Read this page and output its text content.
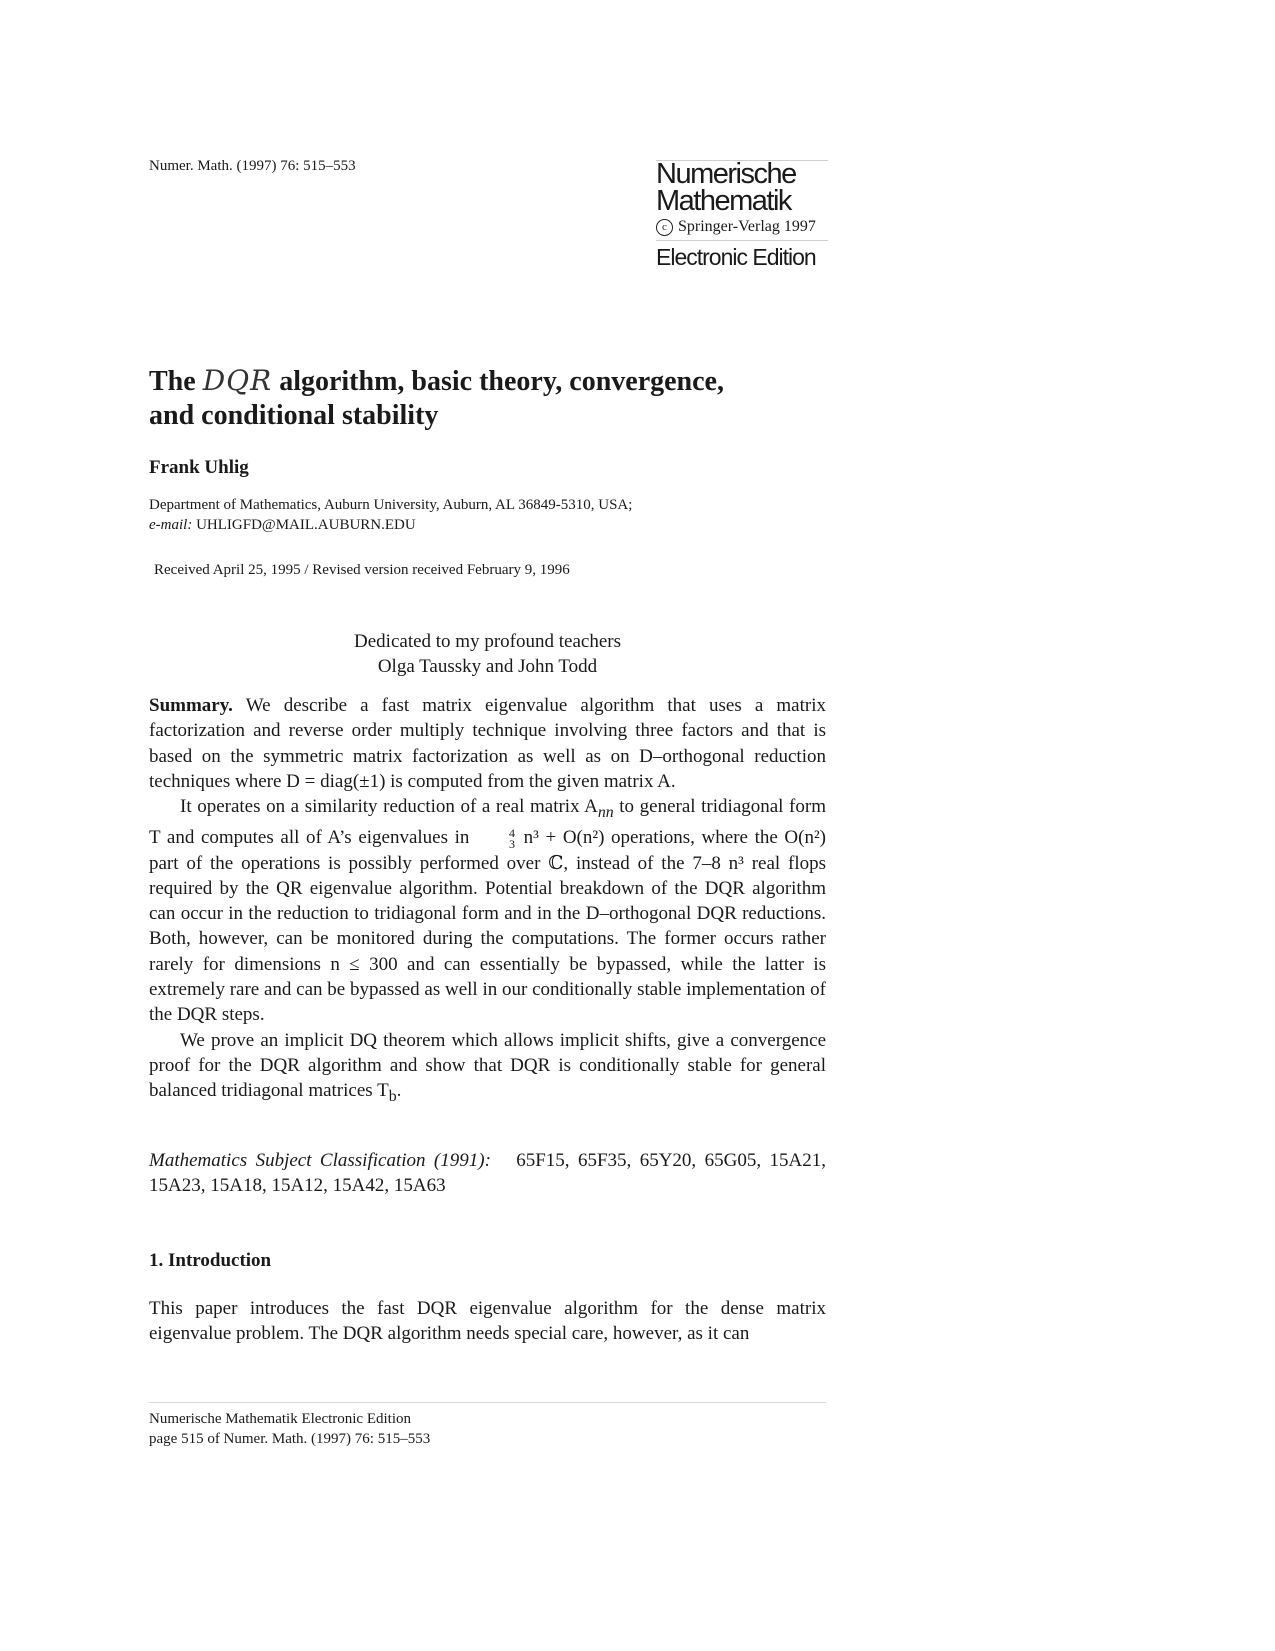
Numer. Math. (1997) 76: 515–553	Numerische
Mathematik
c Springer-Verlag 1997
Electronic Edition
The DQR algorithm, basic theory, convergence,
and conditional stability
Frank Uhlig
Department of Mathematics, Auburn University, Auburn, AL 36849-5310, USA;
e-mail: UHLIGFD@MAIL.AUBURN.EDU
Received April 25, 1995 / Revised version received February 9, 1996
Dedicated to my profound teachers
Olga Taussky and John Todd

Summary. We describe a fast matrix eigenvalue algorithm that uses a matrix factorization and reverse order multiply technique involving three factors and that is based on the symmetric matrix factorization as well as on D–orthogonal reduction techniques where D = diag(±1) is computed from the given matrix A.

It operates on a similarity reduction of a real matrix $A_{nn}$ to general tridiagonal form T and computes all of A’s eigenvalues in	4
3 n³ + O(n²) operations, where the O(n²) part of the operations is possibly performed over ℂ, instead of the 7–8 n³ real flops required by the QR eigenvalue algorithm. Potential breakdown of the DQR algorithm can occur in the reduction to tridiagonal form and in the D–orthogonal DQR reductions. Both, however, can be monitored during the computations. The former occurs rather rarely for dimensions n ≤ 300 and can essentially be bypassed, while the latter is extremely rare and can be bypassed as well in our conditionally stable implementation of the DQR steps.

We prove an implicit DQ theorem which allows implicit shifts, give a convergence proof for the DQR algorithm and show that DQR is conditionally stable for general balanced tridiagonal matrices $T_b$.

Mathematics Subject Classification (1991): 65F15, 65F35, 65Y20, 65G05, 15A21, 15A23, 15A18, 15A12, 15A42, 15A63

1. Introduction

This paper introduces the fast DQR eigenvalue algorithm for the dense matrix eigenvalue problem. The DQR algorithm needs special care, however, as it can

Numerische Mathematik Electronic Edition
page 515 of Numer. Math. (1997) 76: 515–553
